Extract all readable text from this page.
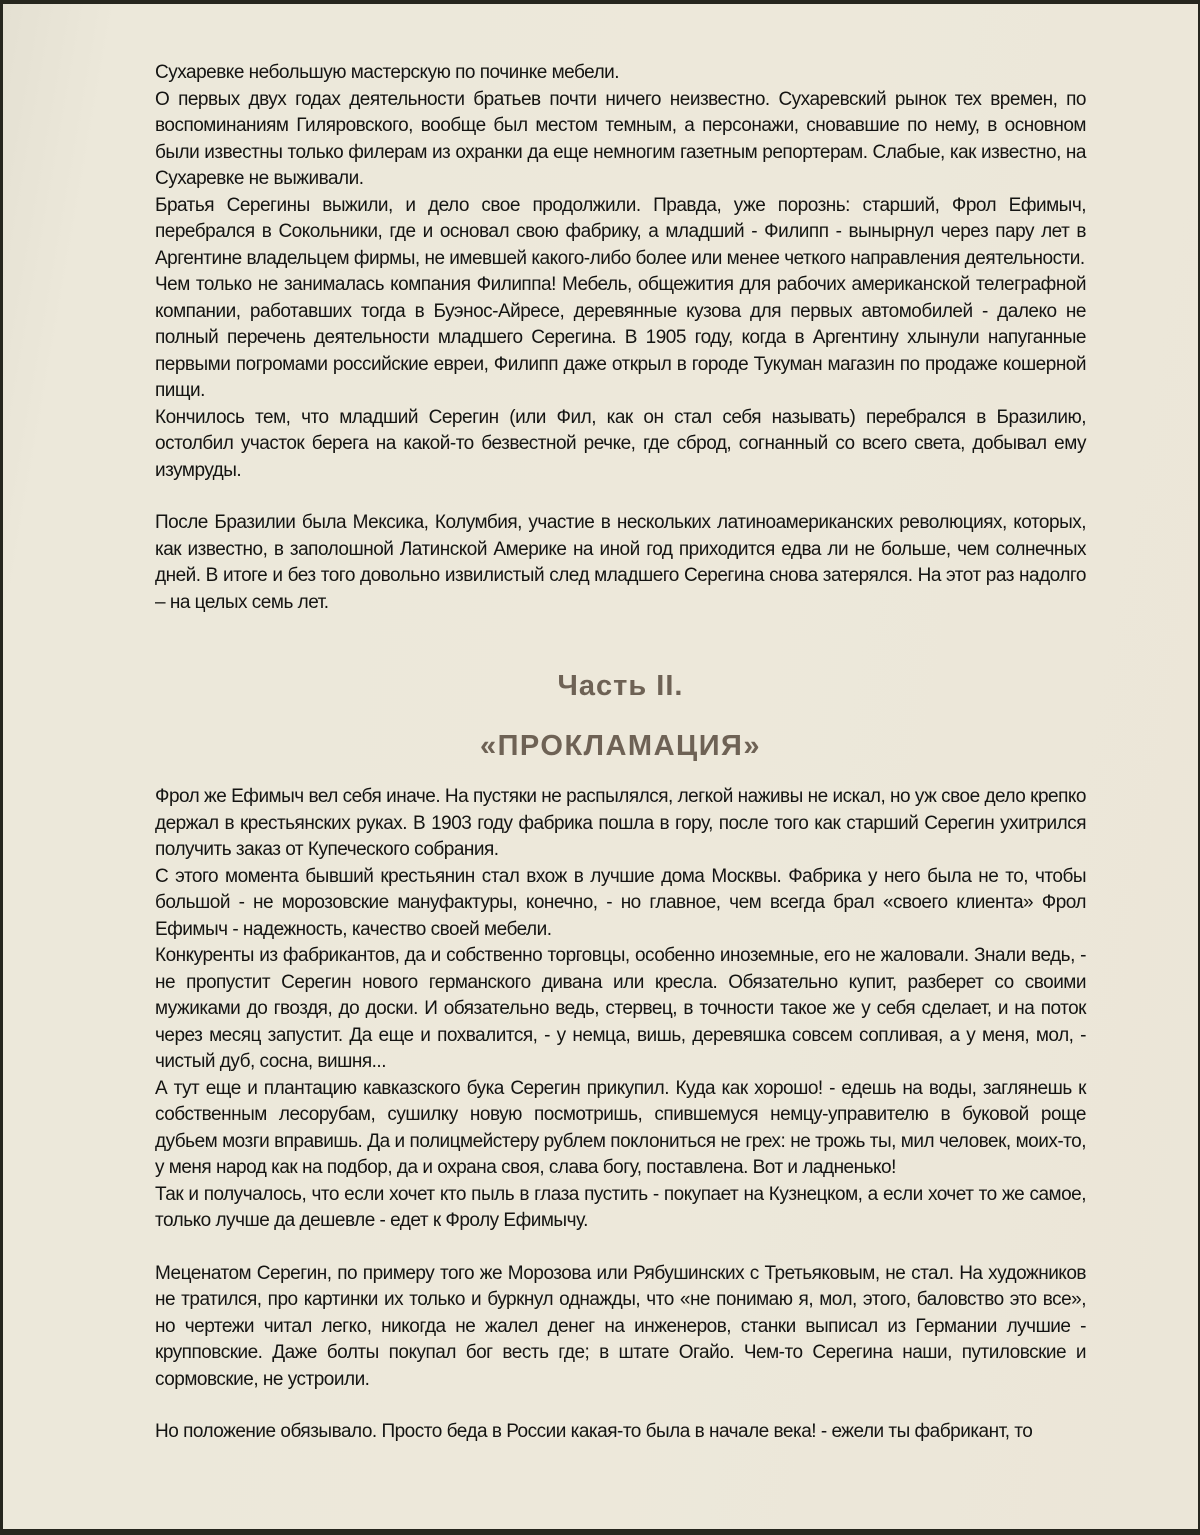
Сухаревке небольшую мастерскую по починке мебели.

О первых двух годах деятельности братьев почти ничего неизвестно. Сухаревский рынок тех времен, по воспоминаниям Гиляровского, вообще был местом темным, а персонажи, сновавшие по нему, в основном были известны только филерам из охранки да еще немногим газетным репортерам. Слабые, как известно, на Сухаревке не выживали.

Братья Серегины выжили, и дело свое продолжили. Правда, уже порознь: старший, Фрол Ефимыч, перебрался в Сокольники, где и основал свою фабрику, а младший - Филипп - вынырнул через пару лет в Аргентине владельцем фирмы, не имевшей какого-либо более или менее четкого направления деятельности.

Чем только не занималась компания Филиппа! Мебель, общежития для рабочих американской телеграфной компании, работавших тогда в Буэнос-Айресе, деревянные кузова для первых автомобилей - далеко не полный перечень деятельности младшего Серегина. В 1905 году, когда в Аргентину хлынули напуганные первыми погромами российские евреи, Филипп даже открыл в городе Тукуман магазин по продаже кошерной пищи.

Кончилось тем, что младший Серегин (или Фил, как он стал себя называть) перебрался в Бразилию, остолбил участок берега на какой-то безвестной речке, где сброд, согнанный со всего света, добывал ему изумруды.

После Бразилии была Мексика, Колумбия, участие в нескольких латиноамериканских революциях, которых, как известно, в заполошной Латинской Америке на иной год приходится едва ли не больше, чем солнечных дней. В итоге и без того довольно извилистый след младшего Серегина снова затерялся. На этот раз надолго – на целых семь лет.

Часть II.
«ПРОКЛАМАЦИЯ»

Фрол же Ефимыч вел себя иначе. На пустяки не распылялся, легкой наживы не искал, но уж свое дело крепко держал в крестьянских руках. В 1903 году фабрика пошла в гору, после того как старший Серегин ухитрился получить заказ от Купеческого собрания.

С этого момента бывший крестьянин стал вхож в лучшие дома Москвы. Фабрика у него была не то, чтобы большой - не морозовские мануфактуры, конечно, - но главное, чем всегда брал «своего клиента» Фрол Ефимыч - надежность, качество своей мебели.

Конкуренты из фабрикантов, да и собственно торговцы, особенно иноземные, его не жаловали. Знали ведь, - не пропустит Серегин нового германского дивана или кресла. Обязательно купит, разберет со своими мужиками до гвоздя, до доски. И обязательно ведь, стервец, в точности такое же у себя сделает, и на поток через месяц запустит. Да еще и похвалится, - у немца, вишь, деревяшка совсем сопливая, а у меня, мол, - чистый дуб, сосна, вишня...

А тут еще и плантацию кавказского бука Серегин прикупил. Куда как хорошо! - едешь на воды, заглянешь к собственным лесорубам, сушилку новую посмотришь, спившемуся немцу-управителю в буковой роще дубьем мозги вправишь. Да и полицмейстеру рублем поклониться не грех: не трожь ты, мил человек, моих-то, у меня народ как на подбор, да и охрана своя, слава богу, поставлена. Вот и ладненько!

Так и получалось, что если хочет кто пыль в глаза пустить - покупает на Кузнецком, а если хочет то же самое, только лучше да дешевле - едет к Фролу Ефимычу.

Меценатом Серегин, по примеру того же Морозова или Рябушинских с Третьяковым, не стал. На художников не тратился, про картинки их только и буркнул однажды, что «не понимаю я, мол, этого, баловство это все», но чертежи читал легко, никогда не жалел денег на инженеров, станки выписал из Германии лучшие - крупповские. Даже болты покупал бог весть где; в штате Огайо. Чем-то Серегина наши, путиловские и сормовские, не устроили.

Но положение обязывало. Просто беда в России какая-то была в начале века! - ежели ты фабрикант, то
